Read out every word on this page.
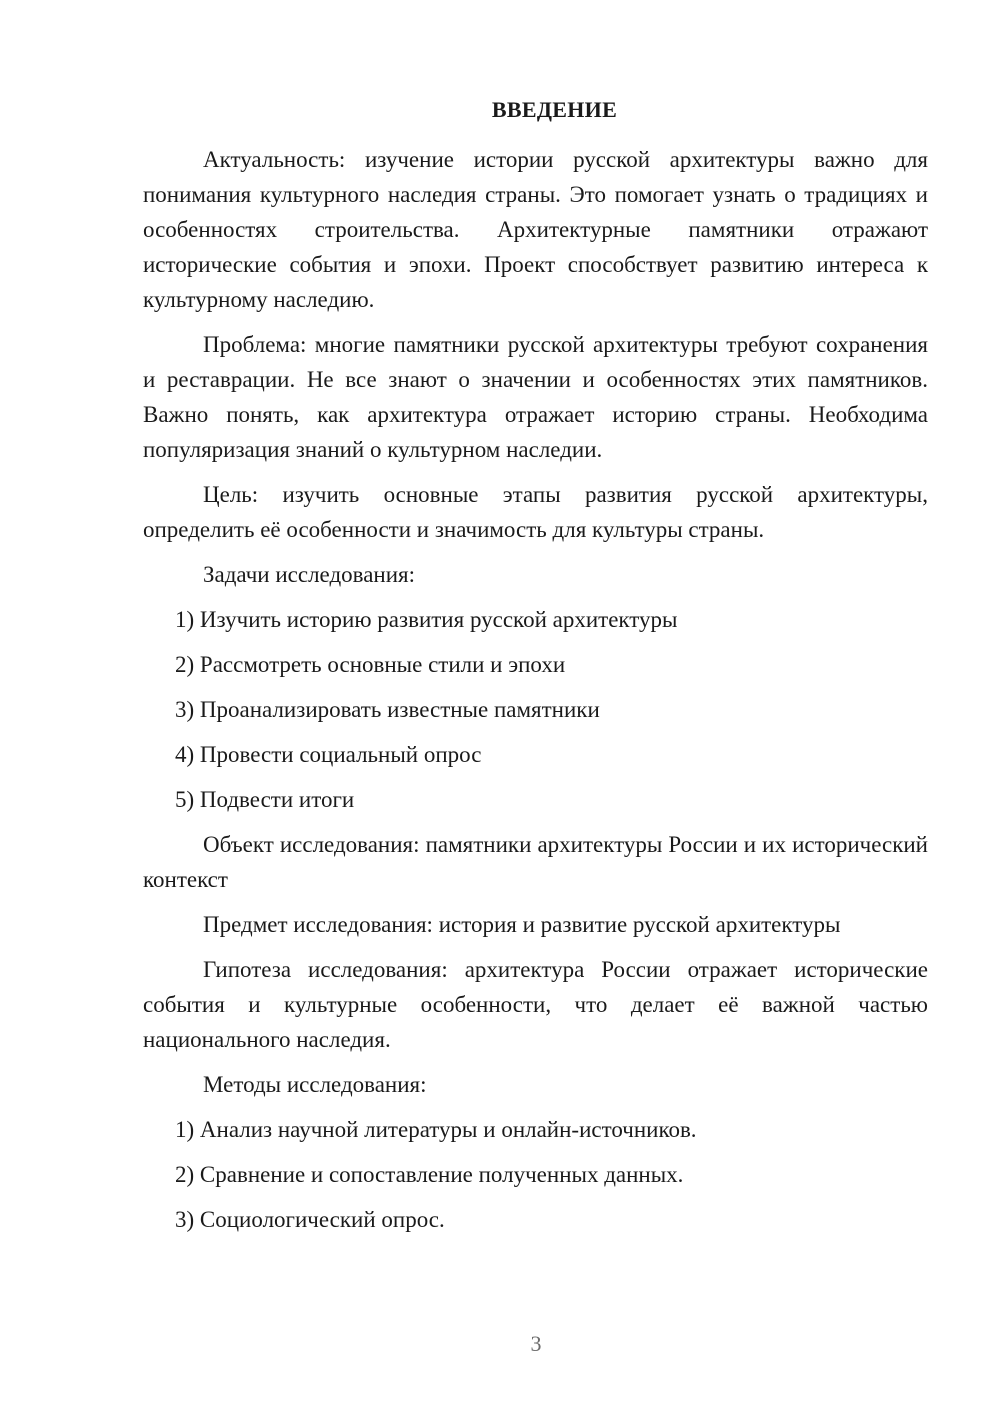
ВВЕДЕНИЕ

Актуальность: изучение истории русской архитектуры важно для понимания культурного наследия страны. Это помогает узнать о традициях и особенностях строительства. Архитектурные памятники отражают исторические события и эпохи. Проект способствует развитию интереса к культурному наследию.

Проблема: многие памятники русской архитектуры требуют сохранения и реставрации. Не все знают о значении и особенностях этих памятников. Важно понять, как архитектура отражает историю страны. Необходима популяризация знаний о культурном наследии.

Цель: изучить основные этапы развития русской архитектуры, определить её особенности и значимость для культуры страны.

Задачи исследования:

1) Изучить историю развития русской архитектуры

2) Рассмотреть основные стили и эпохи

3) Проанализировать известные памятники

4) Провести социальный опрос

5) Подвести итоги

Объект исследования: памятники архитектуры России и их исторический контекст

Предмет исследования: история и развитие русской архитектуры

Гипотеза исследования: архитектура России отражает исторические события и культурные особенности, что делает её важной частью национального наследия.

Методы исследования:

1) Анализ научной литературы и онлайн-источников.

2) Сравнение и сопоставление полученных данных.

3) Социологический опрос.

3
